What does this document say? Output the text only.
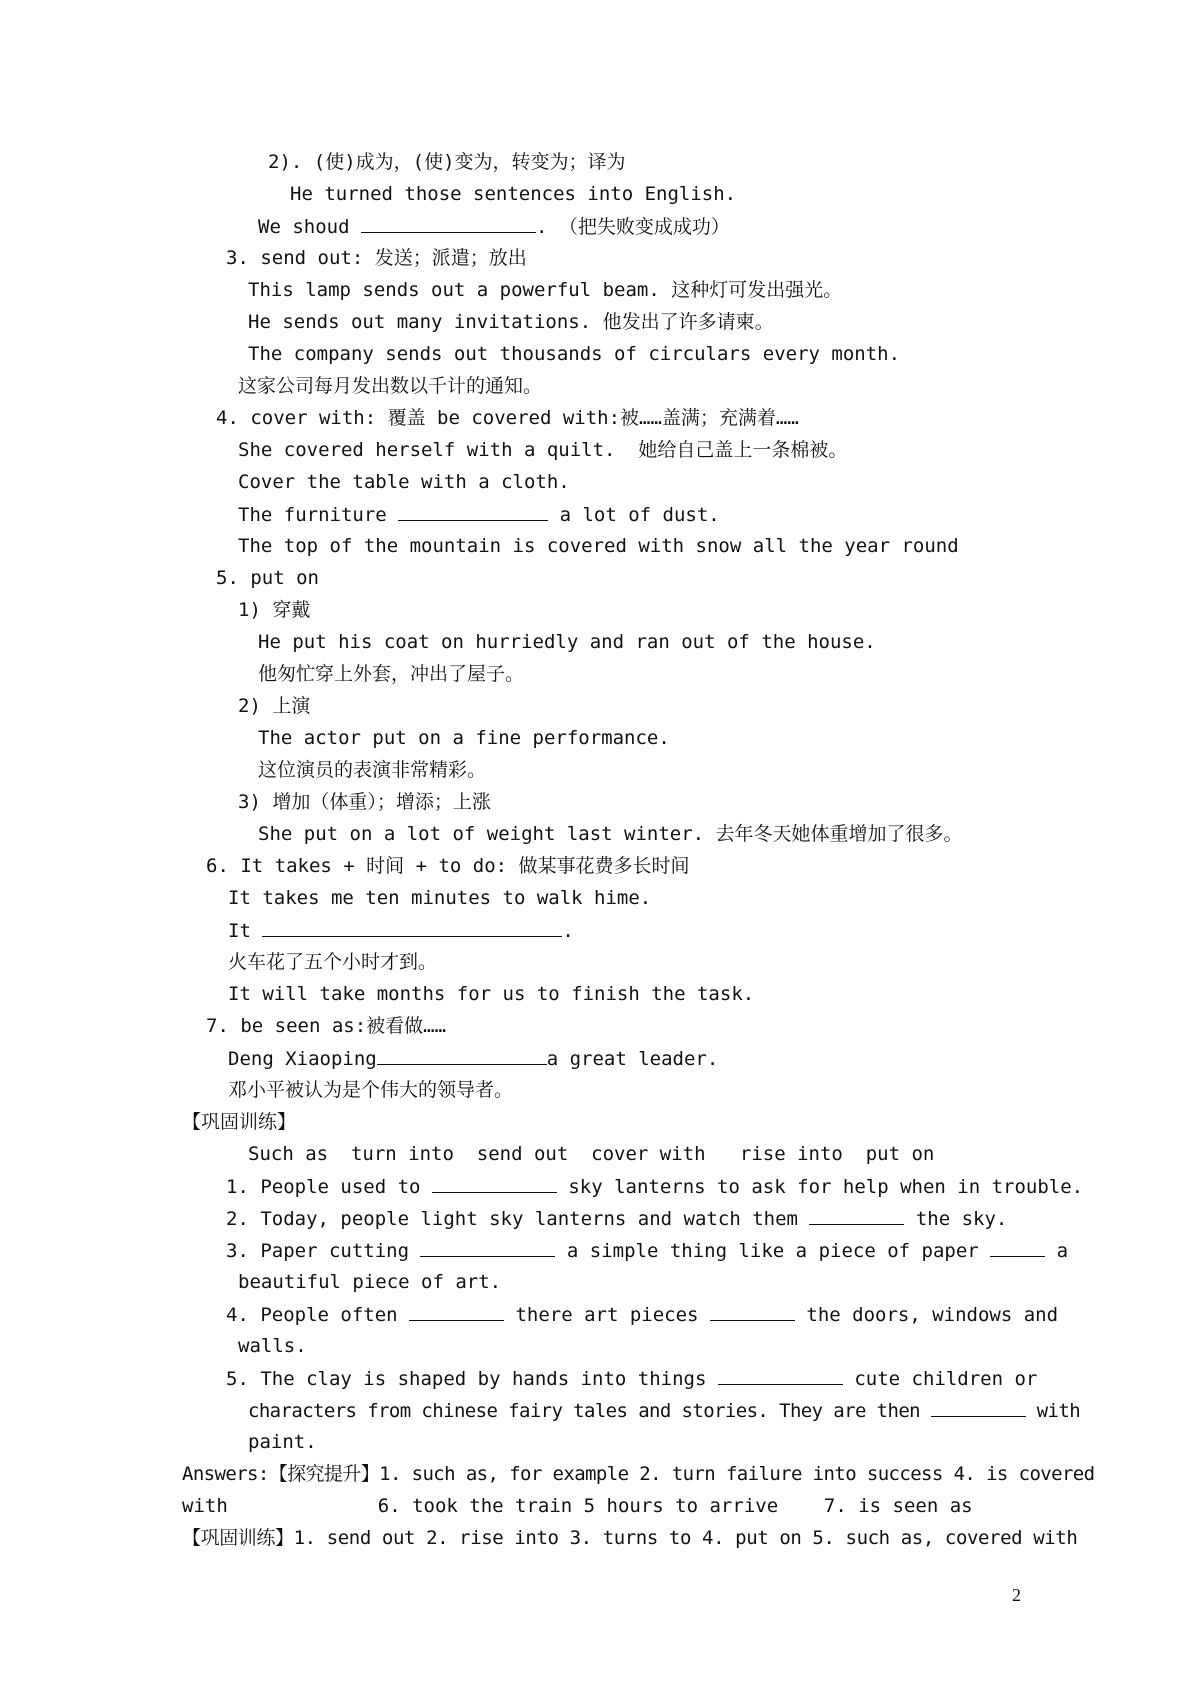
2). (使)成为，(使)变为，转变为；译为
He turned those sentences into English.
We shoud	. （把失败变成成功）
3. send out: 发送；派遣；放出
This lamp sends out a powerful beam. 这种灯可发出强光。
He sends out many invitations. 他发出了许多请柬。
The company sends out thousands of circulars every month.
这家公司每月发出数以千计的通知。
4. cover with: 覆盖 be covered with:被……盖满；充满着……
She covered herself with a quilt.  她给自己盖上一条棉被。
Cover the table with a cloth.
The furniture	a lot of dust.
The top of the mountain is covered with snow all the year round
5. put on
1) 穿戴
He put his coat on hurriedly and ran out of the house.
他匆忙穿上外套，冲出了屋子。
2) 上演
The actor put on a fine performance.
这位演员的表演非常精彩。
3) 增加（体重）；增添；上涨
She put on a lot of weight last winter. 去年冬天她体重增加了很多。
6. It takes + 时间 + to do: 做某事花费多长时间
It takes me ten minutes to walk hime.
It	.
火车花了五个小时才到。
It will take months for us to finish the task.
7. be seen as:被看做……
Deng Xiaoping	a great leader.
邓小平被认为是个伟大的领导者。
【巩固训练】
Such as  turn into  send out  cover with   rise into  put on
1. People used to	sky lanterns to ask for help when in trouble.
2. Today, people light sky lanterns and watch them	the sky.
3. Paper cutting	a simple thing like a piece of paper	a
beautiful piece of art.
4. People often	there art pieces	the doors, windows and
walls.
5. The clay is shaped by hands into things	cute children or
characters from chinese fairy tales and stories. They are then	with
paint.
Answers:【探究提升】1. such as, for example 2. turn failure into success 4. is covered
with	6. took the train 5 hours to arrive    7. is seen as
【巩固训练】1. send out 2. rise into 3. turns to 4. put on 5. such as, covered with
2
